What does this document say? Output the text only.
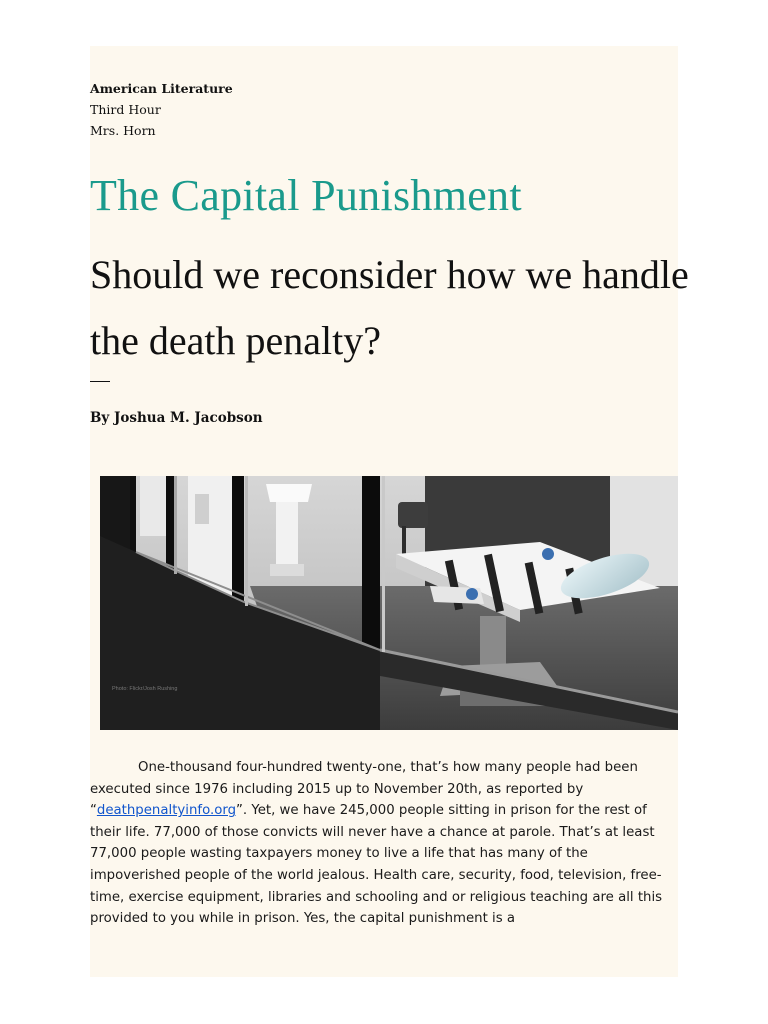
American Literature
Third Hour
Mrs. Horn
The Capital Punishment
Should we reconsider how we handle the death penalty?
By Joshua M. Jacobson
Photo: Flickr/Josh Rushing

One-thousand four-hundred twenty-one, that’s how many people had been executed since 1976 including 2015 up to November 20th, as reported by “deathpenaltyinfo.org”. Yet, we have 245,000 people sitting in prison for the rest of their life. 77,000 of those convicts will never have a chance at parole. That’s at least 77,000 people wasting taxpayers money to live a life that has many of the impoverished people of the world jealous. Health care, security, food, television, free-time, exercise equipment, libraries and schooling and or religious teaching are all this provided to you while in prison. Yes, the capital punishment is a
